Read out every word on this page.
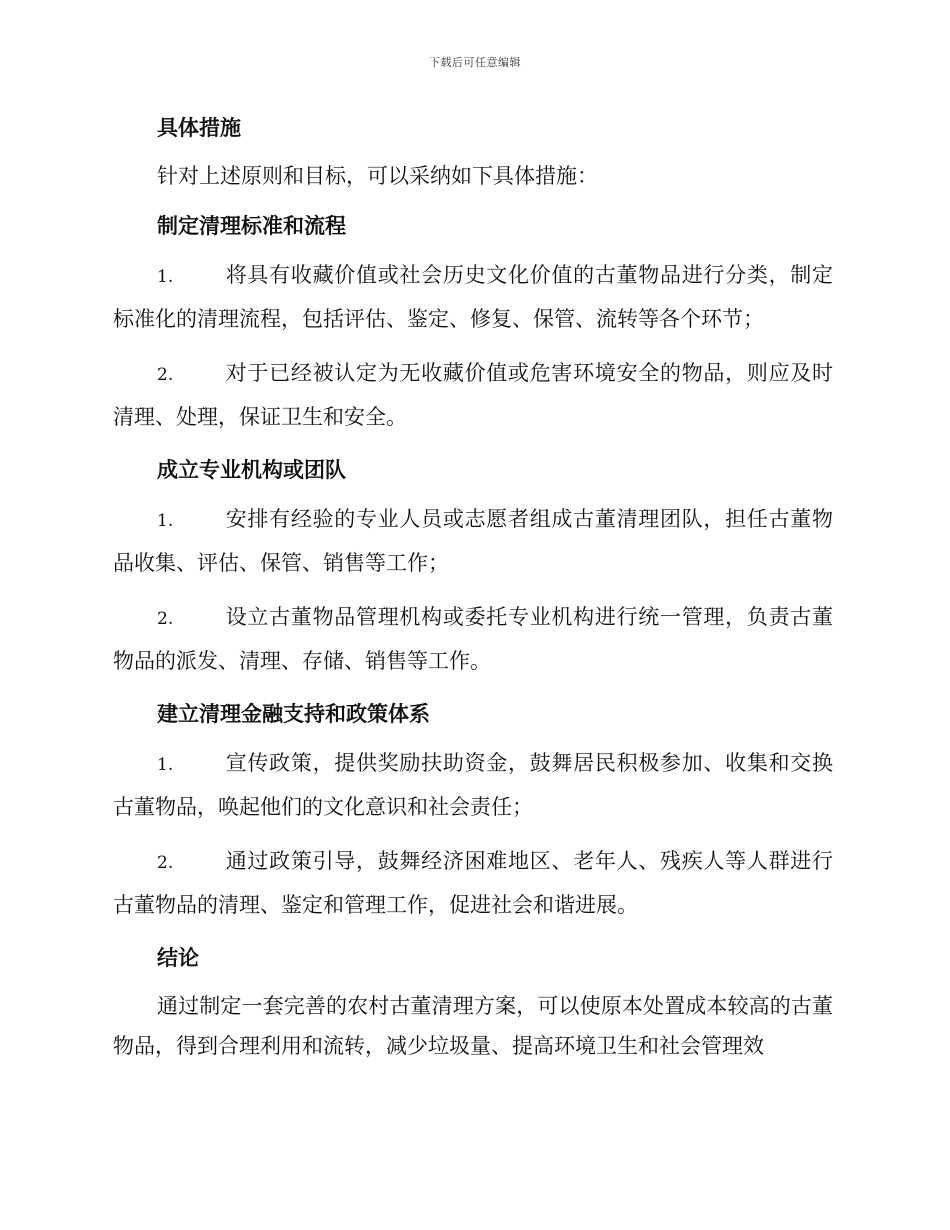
下载后可任意编辑
具体措施
针对上述原则和目标，可以采纳如下具体措施：
制定清理标准和流程
1. 将具有收藏价值或社会历史文化价值的古董物品进行分类，制定标准化的清理流程，包括评估、鉴定、修复、保管、流转等各个环节；
2. 对于已经被认定为无收藏价值或危害环境安全的物品，则应及时清理、处理，保证卫生和安全。
成立专业机构或团队
1. 安排有经验的专业人员或志愿者组成古董清理团队，担任古董物品收集、评估、保管、销售等工作；
2. 设立古董物品管理机构或委托专业机构进行统一管理，负责古董物品的派发、清理、存储、销售等工作。
建立清理金融支持和政策体系
1. 宣传政策，提供奖励扶助资金，鼓舞居民积极参加、收集和交换古董物品，唤起他们的文化意识和社会责任；
2. 通过政策引导，鼓舞经济困难地区、老年人、残疾人等人群进行古董物品的清理、鉴定和管理工作，促进社会和谐进展。
结论
通过制定一套完善的农村古董清理方案，可以使原本处置成本较高的古董物品，得到合理利用和流转，减少垃圾量、提高环境卫生和社会管理效
